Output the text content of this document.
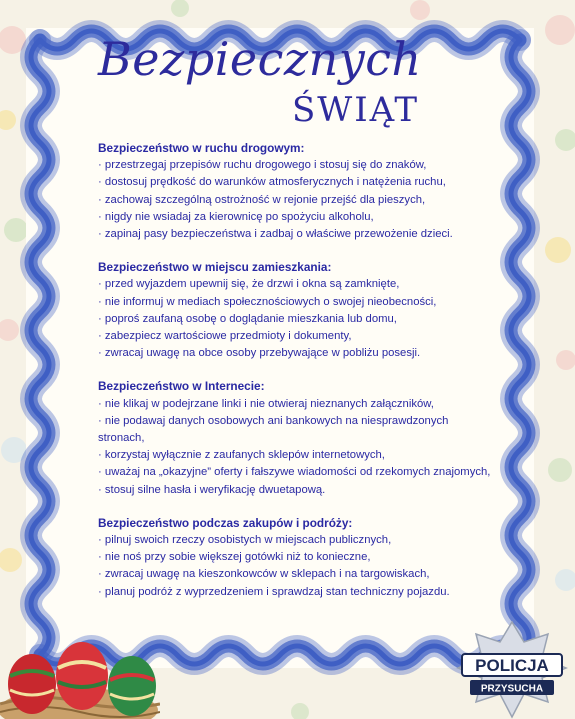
Bezpiecznych
ŚWIĄT
Bezpieczeństwo w ruchu drogowym:
· przestrzegaj przepisów ruchu drogowego i stosuj się do znaków,
· dostosuj prędkość do warunków atmosferycznych i natężenia ruchu,
· zachowaj szczególną ostrożność w rejonie przejść dla pieszych,
· nigdy nie wsiadaj za kierownicę po spożyciu alkoholu,
· zapinaj pasy bezpieczeństwa i zadbaj o właściwe przewożenie dzieci.
Bezpieczeństwo w miejscu zamieszkania:
· przed wyjazdem upewnij się, że drzwi i okna są zamknięte,
· nie informuj w mediach społecznościowych o swojej nieobecności,
· poproś zaufaną osobę o doglądanie mieszkania lub domu,
· zabezpiecz wartościowe przedmioty i dokumenty,
· zwracaj uwagę na obce osoby przebywające w pobliżu posesji.
Bezpieczeństwo w Internecie:
· nie klikaj w podejrzane linki i nie otwieraj nieznanych załączników,
· nie podawaj danych osobowych ani bankowych na niesprawdzonych stronach,
· korzystaj wyłącznie z zaufanych sklepów internetowych,
· uważaj na „okazyjne” oferty i fałszywe wiadomości od rzekomych znajomych,
· stosuj silne hasła i weryfikację dwuetapową.
Bezpieczeństwo podczas zakupów i podróży:
· pilnuj swoich rzeczy osobistych w miejscach publicznych,
· nie noś przy sobie większej gotówki niż to konieczne,
· zwracaj uwagę na kieszonkowców w sklepach i na targowiskach,
· planuj podróż z wyprzedzeniem i sprawdzaj stan techniczny pojazdu.
POLICJA
PRZYSUCHA
